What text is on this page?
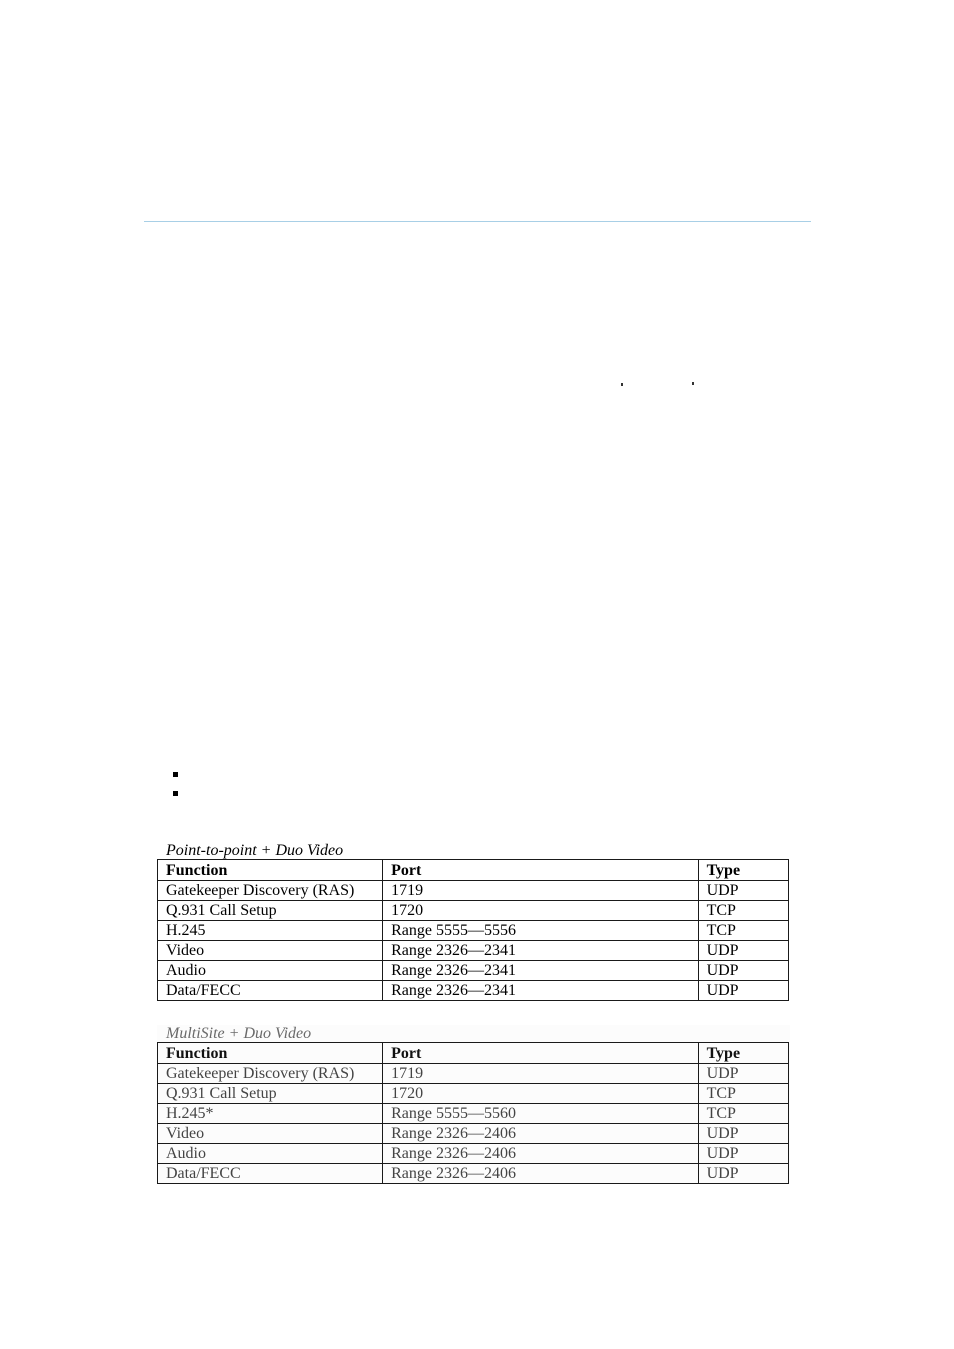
Point-to-point + Duo Video
Function	Port	Type
Gatekeeper Discovery (RAS)	1719	UDP
Q.931 Call Setup	1720	TCP
H.245	Range 5555—5556	TCP
Video	Range 2326—2341	UDP
Audio	Range 2326—2341	UDP
Data/FECC	Range 2326—2341	UDP
MultiSite + Duo Video
Function	Port	Type
Gatekeeper Discovery (RAS)	1719	UDP
Q.931 Call Setup	1720	TCP
H.245*	Range 5555—5560	TCP
Video	Range 2326—2406	UDP
Audio	Range 2326—2406	UDP
Data/FECC	Range 2326—2406	UDP
